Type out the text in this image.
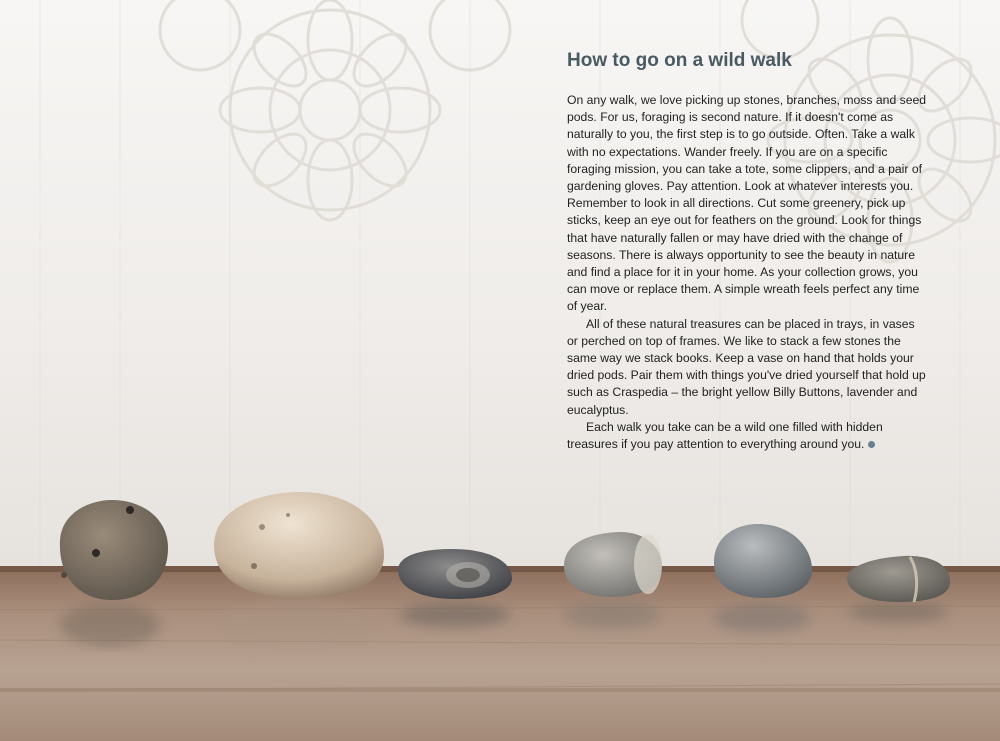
How to go on a wild walk

On any walk, we love picking up stones, branches, moss and seed pods. For us, foraging is second nature. If it doesn't come as naturally to you, the first step is to go outside. Often. Take a walk with no expectations. Wander freely. If you are on a specific foraging mission, you can take a tote, some clippers, and a pair of gardening gloves. Pay attention. Look at whatever interests you. Remember to look in all directions. Cut some greenery, pick up sticks, keep an eye out for feathers on the ground. Look for things that have naturally fallen or may have dried with the change of seasons. There is always opportunity to see the beauty in nature and find a place for it in your home. As your collection grows, you can move or replace them. A simple wreath feels perfect any time of year.

All of these natural treasures can be placed in trays, in vases or perched on top of frames. We like to stack a few stones the same way we stack books. Keep a vase on hand that holds your dried pods. Pair them with things you've dried yourself that hold up such as Craspedia – the bright yellow Billy Buttons, lavender and eucalyptus.

Each walk you take can be a wild one filled with hidden treasures if you pay attention to everything around you.
